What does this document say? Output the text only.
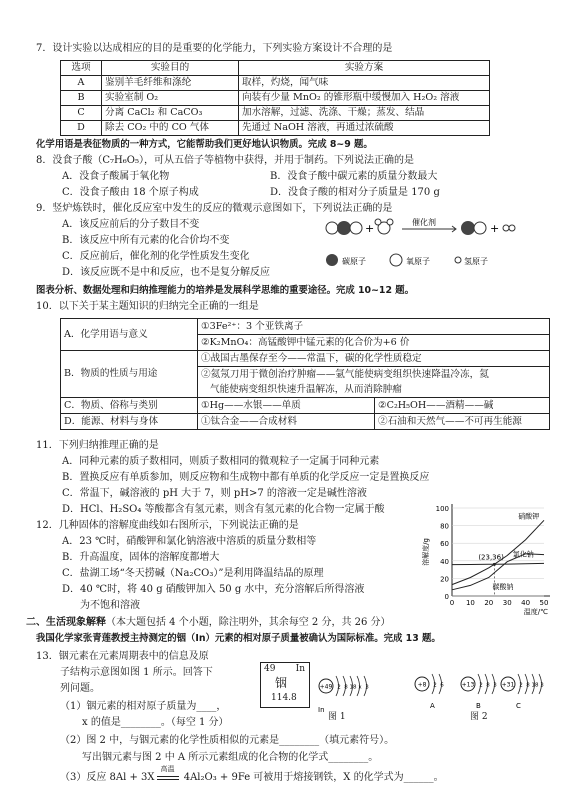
7．设计实验以达成相应的目的是重要的化学能力，下列实验方案设计不合理的是
选项	实验目的	实验方案
A	鉴别羊毛纤维和涤纶	取样，灼烧，闻气味
B	实验室制 O₂	向装有少量 MnO₂ 的锥形瓶中缓慢加入 H₂O₂ 溶液
C	分离 CaCl₂ 和 CaCO₃	加水溶解，过滤、洗涤、干燥；蒸发、结晶
D	除去 CO₂ 中的 CO 气体	先通过 NaOH 溶液，再通过浓硫酸
化学用语是表征物质的一种方式，它能帮助我们更好地认识物质。完成 8~9 题。
8．没食子酸（C₇H₆O₅），可从五倍子等植物中获得，并用于制药。下列说法正确的是
A．没食子酸属于氧化物	B．没食子酸中碳元素的质量分数最大
C．没食子酸由 18 个原子构成	D．没食子酸的相对分子质量是 170 g
9．竖炉炼铁时，催化反应室中发生的反应的微观示意图如下，下列说法正确的是
A．该反应前后的分子数目不变
B．该反应中所有元素的化合价均不变
C．反应前后，催化剂的化学性质发生变化
D．该反应既不是中和反应，也不是复分解反应
+	催化剂	+
碳原子	氧原子	氢原子
图表分析、数据处理和归纳推理能力的培养是发展科学思维的重要途径。完成 10~12 题。
10．以下关于某主题知识的归纳完全正确的一组是
A．化学用语与意义	①3Fe²⁺：3 个亚铁离子	
	②K₂MnO₄：高锰酸钾中锰元素的化合价为+6 价	
B．物质的性质与用途	①战国古墨保存至今——常温下，碳的化学性质稳定	
	②氦氖刀用于微创治疗肿瘤——氩气能使病变组织快速降温冷冻，氦	
	气能使病变组织快速升温解冻，从而消除肿瘤	
C．物质、俗称与类别	①Hg——水银——单质	②C₂H₅OH——酒精——碱
D．能源、材料与身体	①钛合金——合成材料	②石油和天然气——不可再生能源
11．下列归纳推理正确的是
A．同种元素的质子数相同，则质子数相同的微观粒子一定属于同种元素
B．置换反应有单质参加，则反应物和生成物中都有单质的化学反应一定是置换反应
C．常温下，碱溶液的 pH 大于 7，则 pH>7 的溶液一定是碱性溶液
D．HCl、H₂SO₄ 等酸都含有氢元素，则含有氢元素的化合物一定属于酸
12．几种固体的溶解度曲线如右图所示，下列说法正确的是
A．23 ℃时，硝酸钾和氯化钠溶液中溶质的质量分数相等
B．升高温度，固体的溶解度都增大
C．盐湖工场“冬天捞碱（Na₂CO₃）”是利用降温结晶的原理
D．40 ℃时，将 40 g 硝酸钾加入 50 g 水中，充分溶解后所得溶液
为不饱和溶液
0
20
40
60
80
100
0 10 20 30 40 50
温度/℃
溶解度/g
硝酸钾
氯化钠
碳酸钠
(23,36)
二、生活现象解释（本大题包括 4 个小题，除注明外，其余每空 2 分，共 26 分）
我国化学家张青莲教授主持测定的铟（In）元素的相对原子质量被确认为国际标准。完成 13 题。
13．铟元素在元素周期表中的信息及原
子结构示意图如图 1 所示。回答下
列问题。
（1）铟元素的相对原子质量为____，
x 的值是________。（每空 1 分）
（2）图 2 中，与铟元素的化学性质相似的元素是________（填元素符号）。
写出铟元素与图 2 中 A 所示元素组成的化合物的化学式________。
（3）反应 8Al + 3X
高温
4Al₂O₃ + 9Fe 可被用于熔接钢铁，X 的化学式为______。
49 In
铟
114.8
+49 2 8 18 x 3
In
图 1
+8 2 6
A
+13 2 8 3
B
+31 2 8 18 3
C
图 2
